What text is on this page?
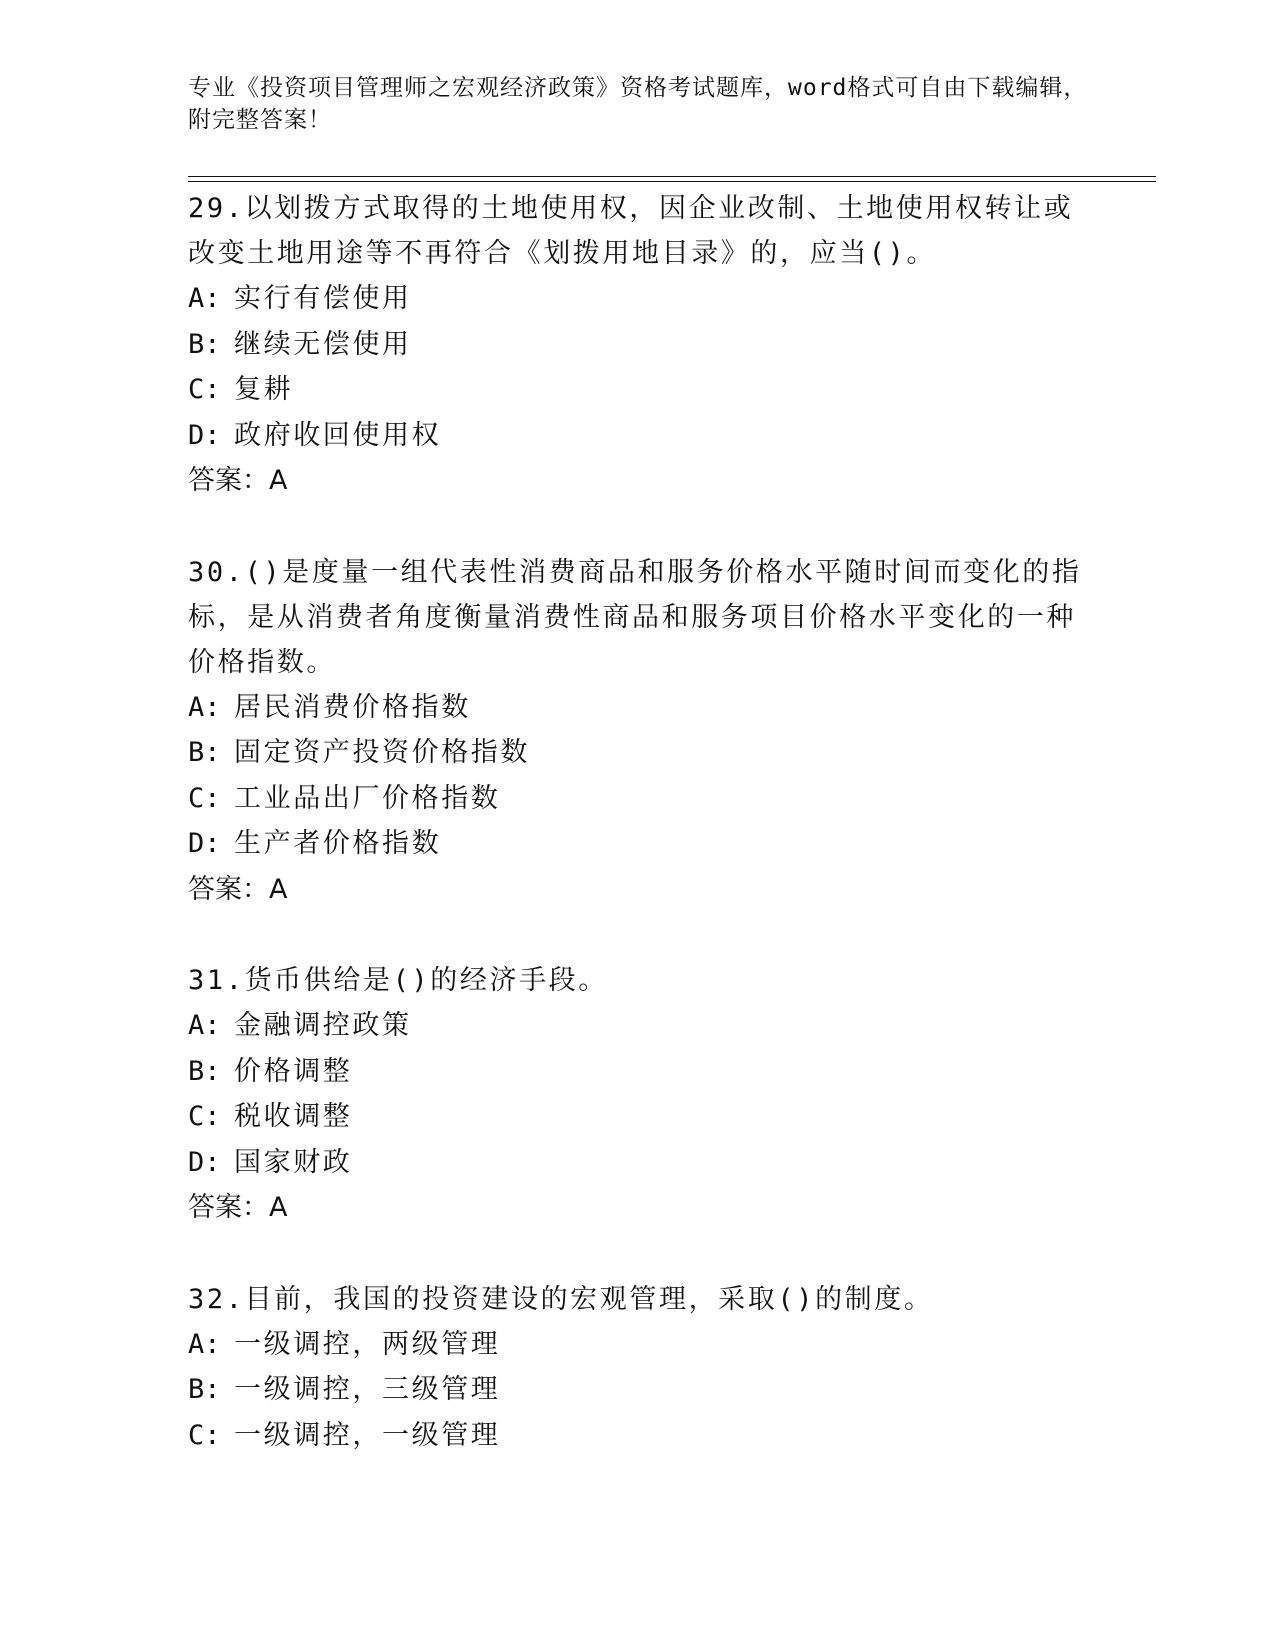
专业《投资项目管理师之宏观经济政策》资格考试题库，word格式可自由下载编辑，附完整答案！

29.以划拨方式取得的土地使用权，因企业改制、土地使用权转让或改变土地用途等不再符合《划拨用地目录》的，应当()。

A: 实行有偿使用

B: 继续无偿使用

C: 复耕

D: 政府收回使用权

答案：A

30.()是度量一组代表性消费商品和服务价格水平随时间而变化的指标，是从消费者角度衡量消费性商品和服务项目价格水平变化的一种价格指数。

A: 居民消费价格指数

B: 固定资产投资价格指数

C: 工业品出厂价格指数

D: 生产者价格指数

答案：A

31.货币供给是()的经济手段。

A: 金融调控政策

B: 价格调整

C: 税收调整

D: 国家财政

答案：A

32.目前，我国的投资建设的宏观管理，采取()的制度。

A: 一级调控，两级管理

B: 一级调控，三级管理

C: 一级调控，一级管理
